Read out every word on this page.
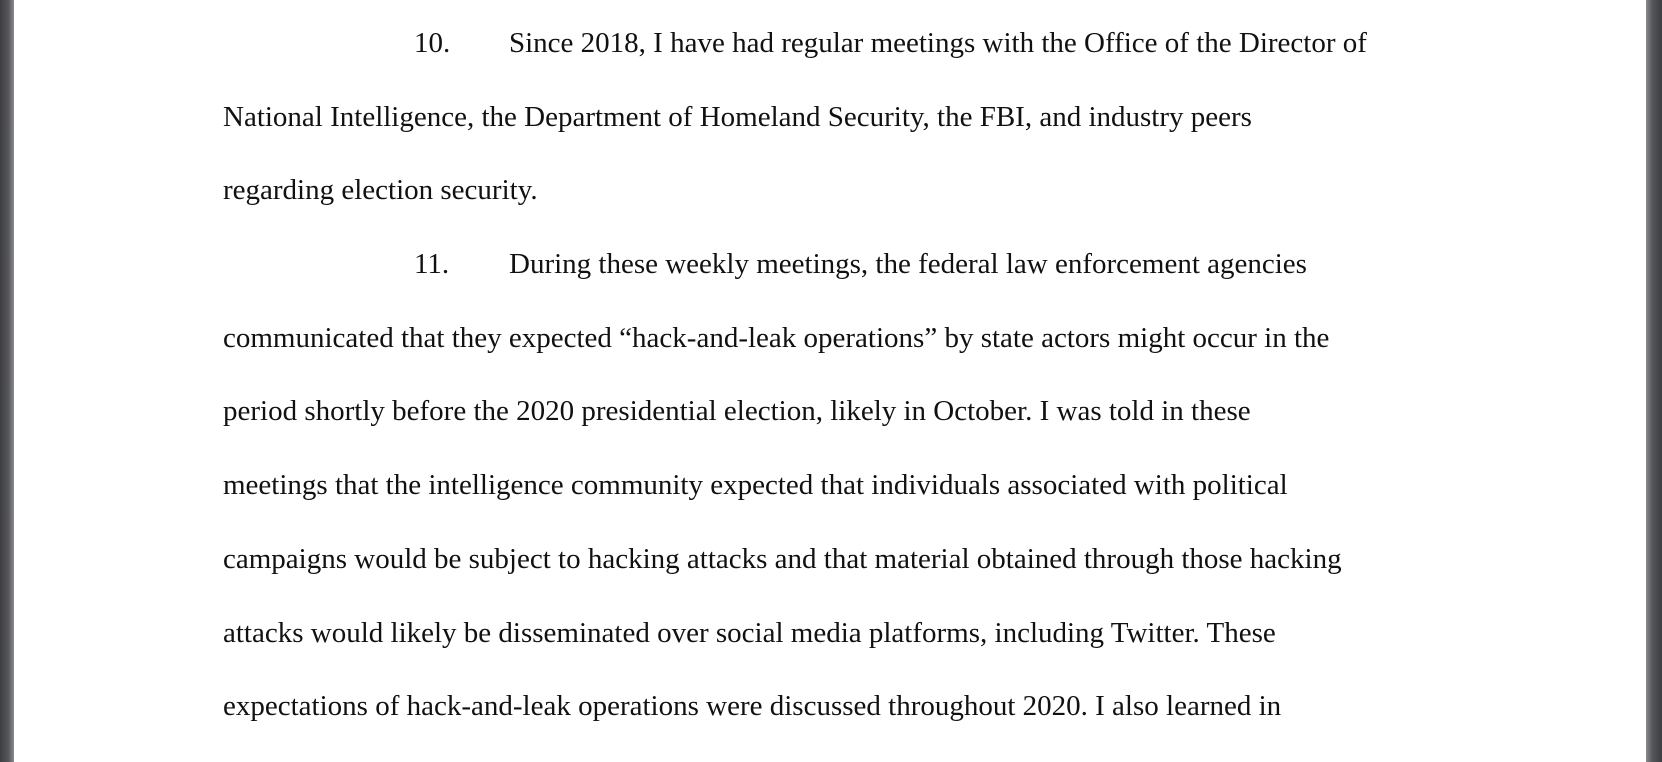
10. Since 2018, I have had regular meetings with the Office of the Director of
National Intelligence, the Department of Homeland Security, the FBI, and industry peers
regarding election security.
11. During these weekly meetings, the federal law enforcement agencies
communicated that they expected “hack-and-leak operations” by state actors might occur in the
period shortly before the 2020 presidential election, likely in October. I was told in these
meetings that the intelligence community expected that individuals associated with political
campaigns would be subject to hacking attacks and that material obtained through those hacking
attacks would likely be disseminated over social media platforms, including Twitter. These
expectations of hack-and-leak operations were discussed throughout 2020. I also learned in
